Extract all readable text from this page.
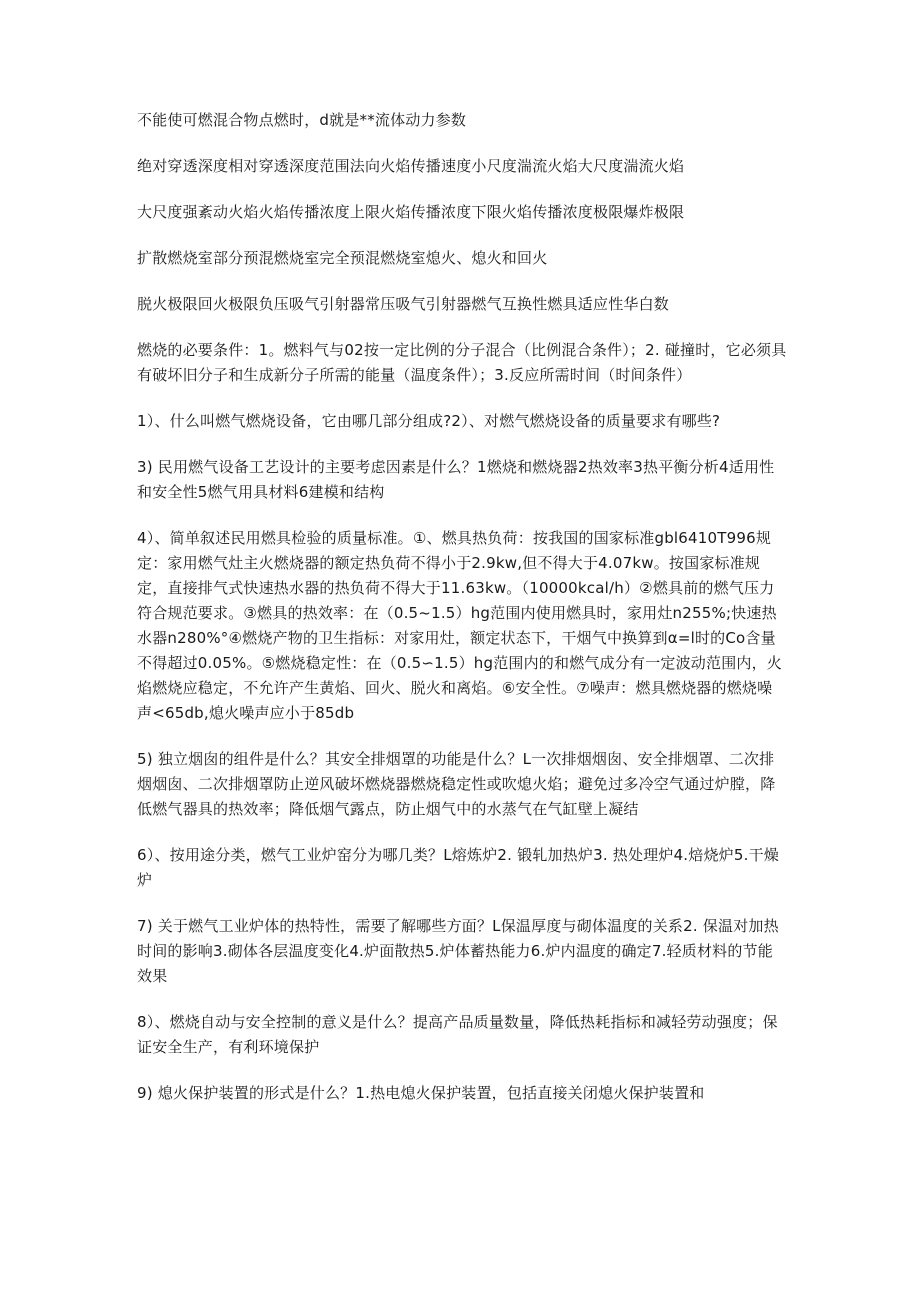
不能使可燃混合物点燃时，d就是**流体动力参数

绝对穿透深度相对穿透深度范围法向火焰传播速度小尺度湍流火焰大尺度湍流火焰

大尺度强紊动火焰火焰传播浓度上限火焰传播浓度下限火焰传播浓度极限爆炸极限

扩散燃烧室部分预混燃烧室完全预混燃烧室熄火、熄火和回火

脱火极限回火极限负压吸气引射器常压吸气引射器燃气互换性燃具适应性华白数

燃烧的必要条件：1。燃料气与02按一定比例的分子混合（比例混合条件）；2. 碰撞时，它必须具有破坏旧分子和生成新分子所需的能量（温度条件）；3.反应所需时间（时间条件）

1）、什么叫燃气燃烧设备，它由哪几部分组成?2）、对燃气燃烧设备的质量要求有哪些?

3) 民用燃气设备工艺设计的主要考虑因素是什么？1燃烧和燃烧器2热效率3热平衡分析4适用性和安全性5燃气用具材料6建模和结构

4）、简单叙述民用燃具检验的质量标准。①、燃具热负荷：按我国的国家标准gbl6410T996规定：家用燃气灶主火燃烧器的额定热负荷不得小于2.9kw,但不得大于4.07kw。按国家标准规定，直接排气式快速热水器的热负荷不得大于11.63kw。（10000kcal∕h）②燃具前的燃气压力符合规范要求。③燃具的热效率：在（0.5~1.5）hg范围内使用燃具时，家用灶n255%;快速热水器n280%°④燃烧产物的卫生指标：对家用灶，额定状态下，干烟气中换算到α=l时的Co含量不得超过0.05%。⑤燃烧稳定性：在（0.5∽1.5）hg范围内的和燃气成分有一定波动范围内，火焰燃烧应稳定，不允许产生黄焰、回火、脱火和离焰。⑥安全性。⑦噪声：燃具燃烧器的燃烧噪声<65db,熄火噪声应小于85db

5) 独立烟囱的组件是什么？其安全排烟罩的功能是什么？L一次排烟烟囱、安全排烟罩、二次排烟烟囱、二次排烟罩防止逆风破坏燃烧器燃烧稳定性或吹熄火焰；避免过多冷空气通过炉膛，降低燃气器具的热效率；降低烟气露点，防止烟气中的水蒸气在气缸壁上凝结

6）、按用途分类，燃气工业炉窑分为哪几类？L熔炼炉2. 锻轧加热炉3. 热处理炉4.焙烧炉5.干燥炉

7) 关于燃气工业炉体的热特性，需要了解哪些方面？L保温厚度与砌体温度的关系2. 保温对加热时间的影响3.砌体各层温度变化4.炉面散热5.炉体蓄热能力6.炉内温度的确定7.轻质材料的节能效果

8）、燃烧自动与安全控制的意义是什么？提高产品质量数量，降低热耗指标和减轻劳动强度；保证安全生产，有利环境保护

9) 熄火保护装置的形式是什么？1.热电熄火保护装置，包括直接关闭熄火保护装置和
